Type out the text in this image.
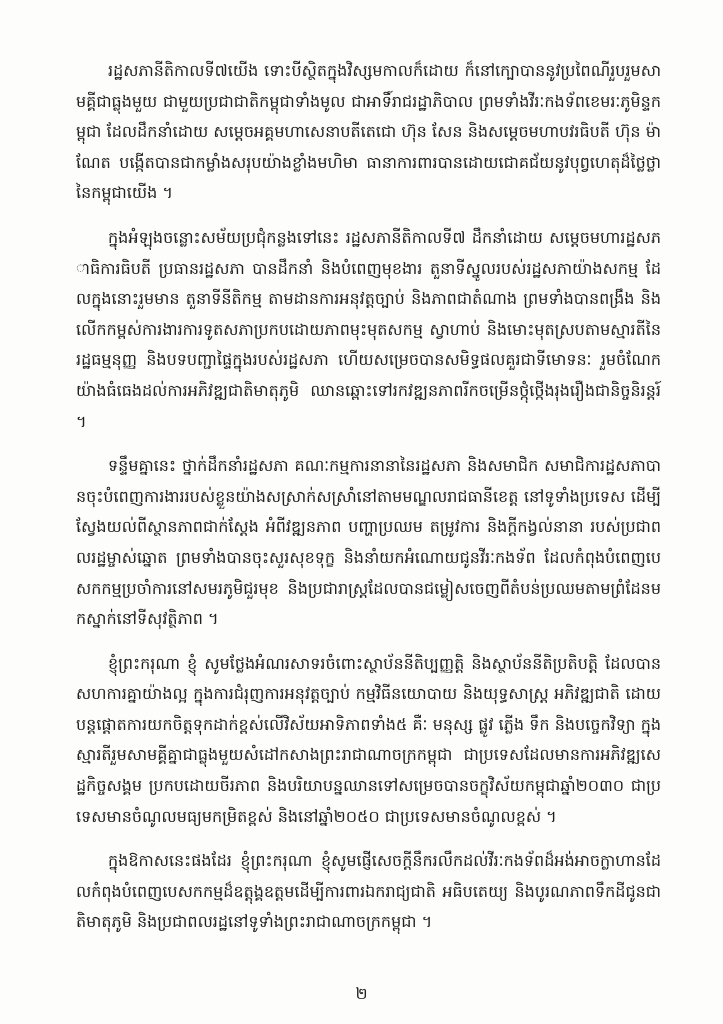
រដ្ឋសភានីតិកាលទី៧យើង ទោះបីស្ថិតក្នុងវិស្សមកាលក៏ដោយ ក៏នៅក្បោបាននូវប្រពៃណីរួបរួមសាមគ្គីជាធ្លុងមួយ ជាមួយប្រជាជាតិកម្ពុជាទាំងមូល ជាអាទិ៍រាជរដ្ឋាភិបាល ព្រមទាំងវីរៈកងទ័ពខេមរៈភូមិន្ទកម្ពុជា ដែលដឹកនាំដោយ សម្តេចអគ្គមហាសេនាបតីតេជោ ហ៊ុន សែន និងសម្តេចមហាបវរធិបតី ហ៊ុន ម៉ាណែត បង្កើតបានជាកម្លាំងសរុបយ៉ាងខ្លាំងមហិមា ធានាការពារបានដោយជោគជ័យនូវបុព្វហេតុដ៏ថ្លៃថ្លានៃកម្ពុជាយើង ។

ក្នុងអំឡុងចន្លោះសម័យប្រជុំកន្លងទៅនេះ រដ្ឋសភានីតិកាលទី៧ ដឹកនាំដោយ សម្តេចមហារដ្ឋសភាធិការធិបតី ប្រធានរដ្ឋសភា បានដឹកនាំ និងបំពេញមុខងារ តួនាទីស្នូលរបស់រដ្ឋសភាយ៉ាងសកម្ម ដែលក្នុងនោះរួមមាន តួនាទីនីតិកម្ម តាមដានការអនុវត្តច្បាប់ និងភាពជាតំណាង ព្រមទាំងបានពង្រឹង និងលើកកម្ពស់ការងារការទូតសភាប្រកបដោយភាពមុះមុតសកម្ម ស្វាហាប់ និងមោះមុតស្របតាមស្មារតីនៃរដ្ឋធម្មនុញ្ញ និងបទបញ្ជាផ្ទៃក្នុងរបស់រដ្ឋសភា ហើយសម្រេចបានសមិទ្ធផលគួរជាទីមោទនៈ រួមចំណែកយ៉ាងធំធេងដល់ការអភិវឌ្ឍជាតិមាតុភូមិ ឈានឆ្ពោះទៅរកវឌ្ឍនភាពរីកចម្រើនថ្កុំថ្កើងរុងរឿងជានិច្ចនិរន្តរ៍ ។

ទន្ទឹមគ្នានេះ ថ្នាក់ដឹកនាំរដ្ឋសភា គណៈកម្មការនានានៃរដ្ឋសភា និងសមាជិក សមាជិការដ្ឋសភាបានចុះបំពេញការងាររបស់ខ្លួនយ៉ាងសស្រាក់សស្រាំនៅតាមមណ្ឌលរាជធានីខេត្ត នៅទូទាំងប្រទេស ដើម្បីស្វែងយល់ពីស្ថានភាពជាក់ស្តែង អំពីវឌ្ឍនភាព បញ្ហាប្រឈម តម្រូវការ និងក្តីកង្វល់នានា របស់ប្រជាពលរដ្ឋម្ចាស់ឆ្នោត ព្រមទាំងបានចុះសួរសុខទុក្ខ និងនាំយកអំណោយជូនវីរៈកងទ័ព ដែលកំពុងបំពេញបេសកកម្មប្រចាំការនៅសមរភូមិជួរមុខ និងប្រជារាស្ត្រដែលបានជម្លៀសចេញពីតំបន់ប្រឈមតាមព្រំដែនមកស្នាក់នៅទីសុវត្ថិភាព ។

ខ្ញុំព្រះករុណា ខ្ញុំ សូមថ្លែងអំណរសាទរចំពោះស្ថាប័ននីតិប្បញ្ញត្តិ និងស្ថាប័ននីតិប្រតិបត្តិ ដែលបានសហការគ្នាយ៉ាងល្អ ក្នុងការជំរុញការអនុវត្តច្បាប់ កម្មវិធីនយោបាយ និងយុទ្ធសាស្ត្រ អភិវឌ្ឍជាតិ ដោយបន្តផ្តោតការយកចិត្តទុកដាក់ខ្ពស់លើវិស័យអាទិភាពទាំង៥ គឺៈ មនុស្ស ផ្លូវ ភ្លើង ទឹក និងបច្ចេកវិទ្យា ក្នុងស្មារតីរួមសាមគ្គីគ្នាជាធ្លុងមួយសំដៅកសាងព្រះរាជាណាចក្រកម្ពុជា ជាប្រទេសដែលមានការអភិវឌ្ឍសេដ្ឋកិច្ចសង្គម ប្រកបដោយចីរភាព និងបរិយាបន្នឈានទៅសម្រេចបានចក្ខុវិស័យកម្ពុជាឆ្នាំ២០៣០ ជាប្រទេសមានចំណូលមធ្យមកម្រិតខ្ពស់ និងនៅឆ្នាំ២០៥០ ជាប្រទេសមានចំណូលខ្ពស់ ។

ក្នុងឱកាសនេះផងដែរ ខ្ញុំព្រះករុណា ខ្ញុំសូមផ្ញើសេចក្តីនឹករលឹកដល់វីរៈកងទ័ពដ៏អង់អាចក្លាហានដែលកំពុងបំពេញបេសកកម្មដ៏ឧត្តុង្គឧត្តមដើម្បីការពារឯករាជ្យជាតិ អធិបតេយ្យ និងបូរណភាពទឹកដីជូនជាតិមាតុភូមិ និងប្រជាពលរដ្ឋនៅទូទាំងព្រះរាជាណាចក្រកម្ពុជា ។

២
